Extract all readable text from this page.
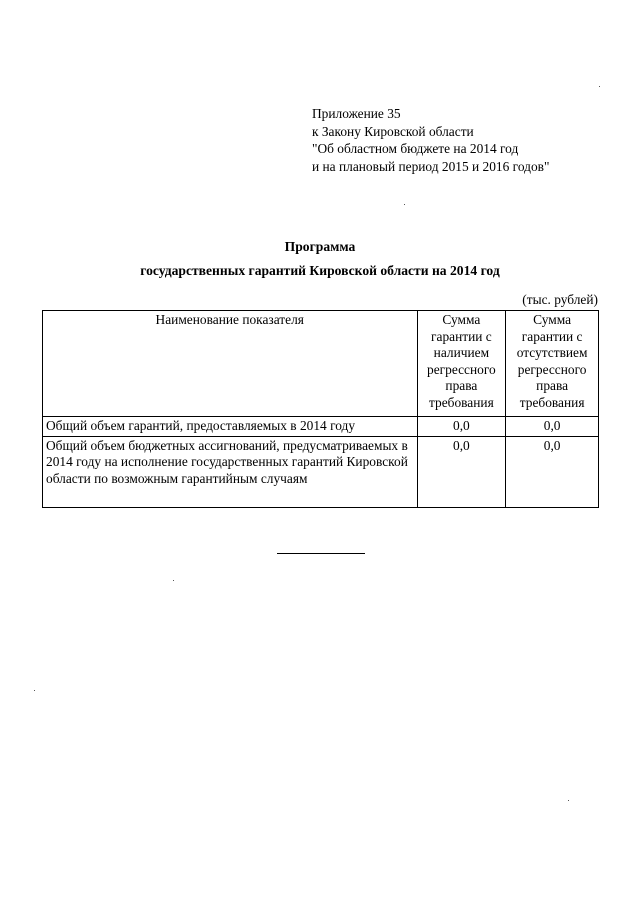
Приложение 35
к Закону Кировской области
"Об областном бюджете на 2014 год
и на плановый период 2015 и 2016 годов"
Программа
государственных гарантий Кировской области на 2014 год
(тыс. рублей)
Наименование показателя	Сумма гарантии с наличием регрессного права требования	Сумма гарантии с отсутствием регрессного права требования
Общий объем гарантий, предоставляемых в 2014 году	0,0	0,0
Общий объем бюджетных ассигнований, предусматриваемых в 2014 году на исполнение государственных гарантий Кировской области по возможным гарантийным случаям	0,0	0,0
